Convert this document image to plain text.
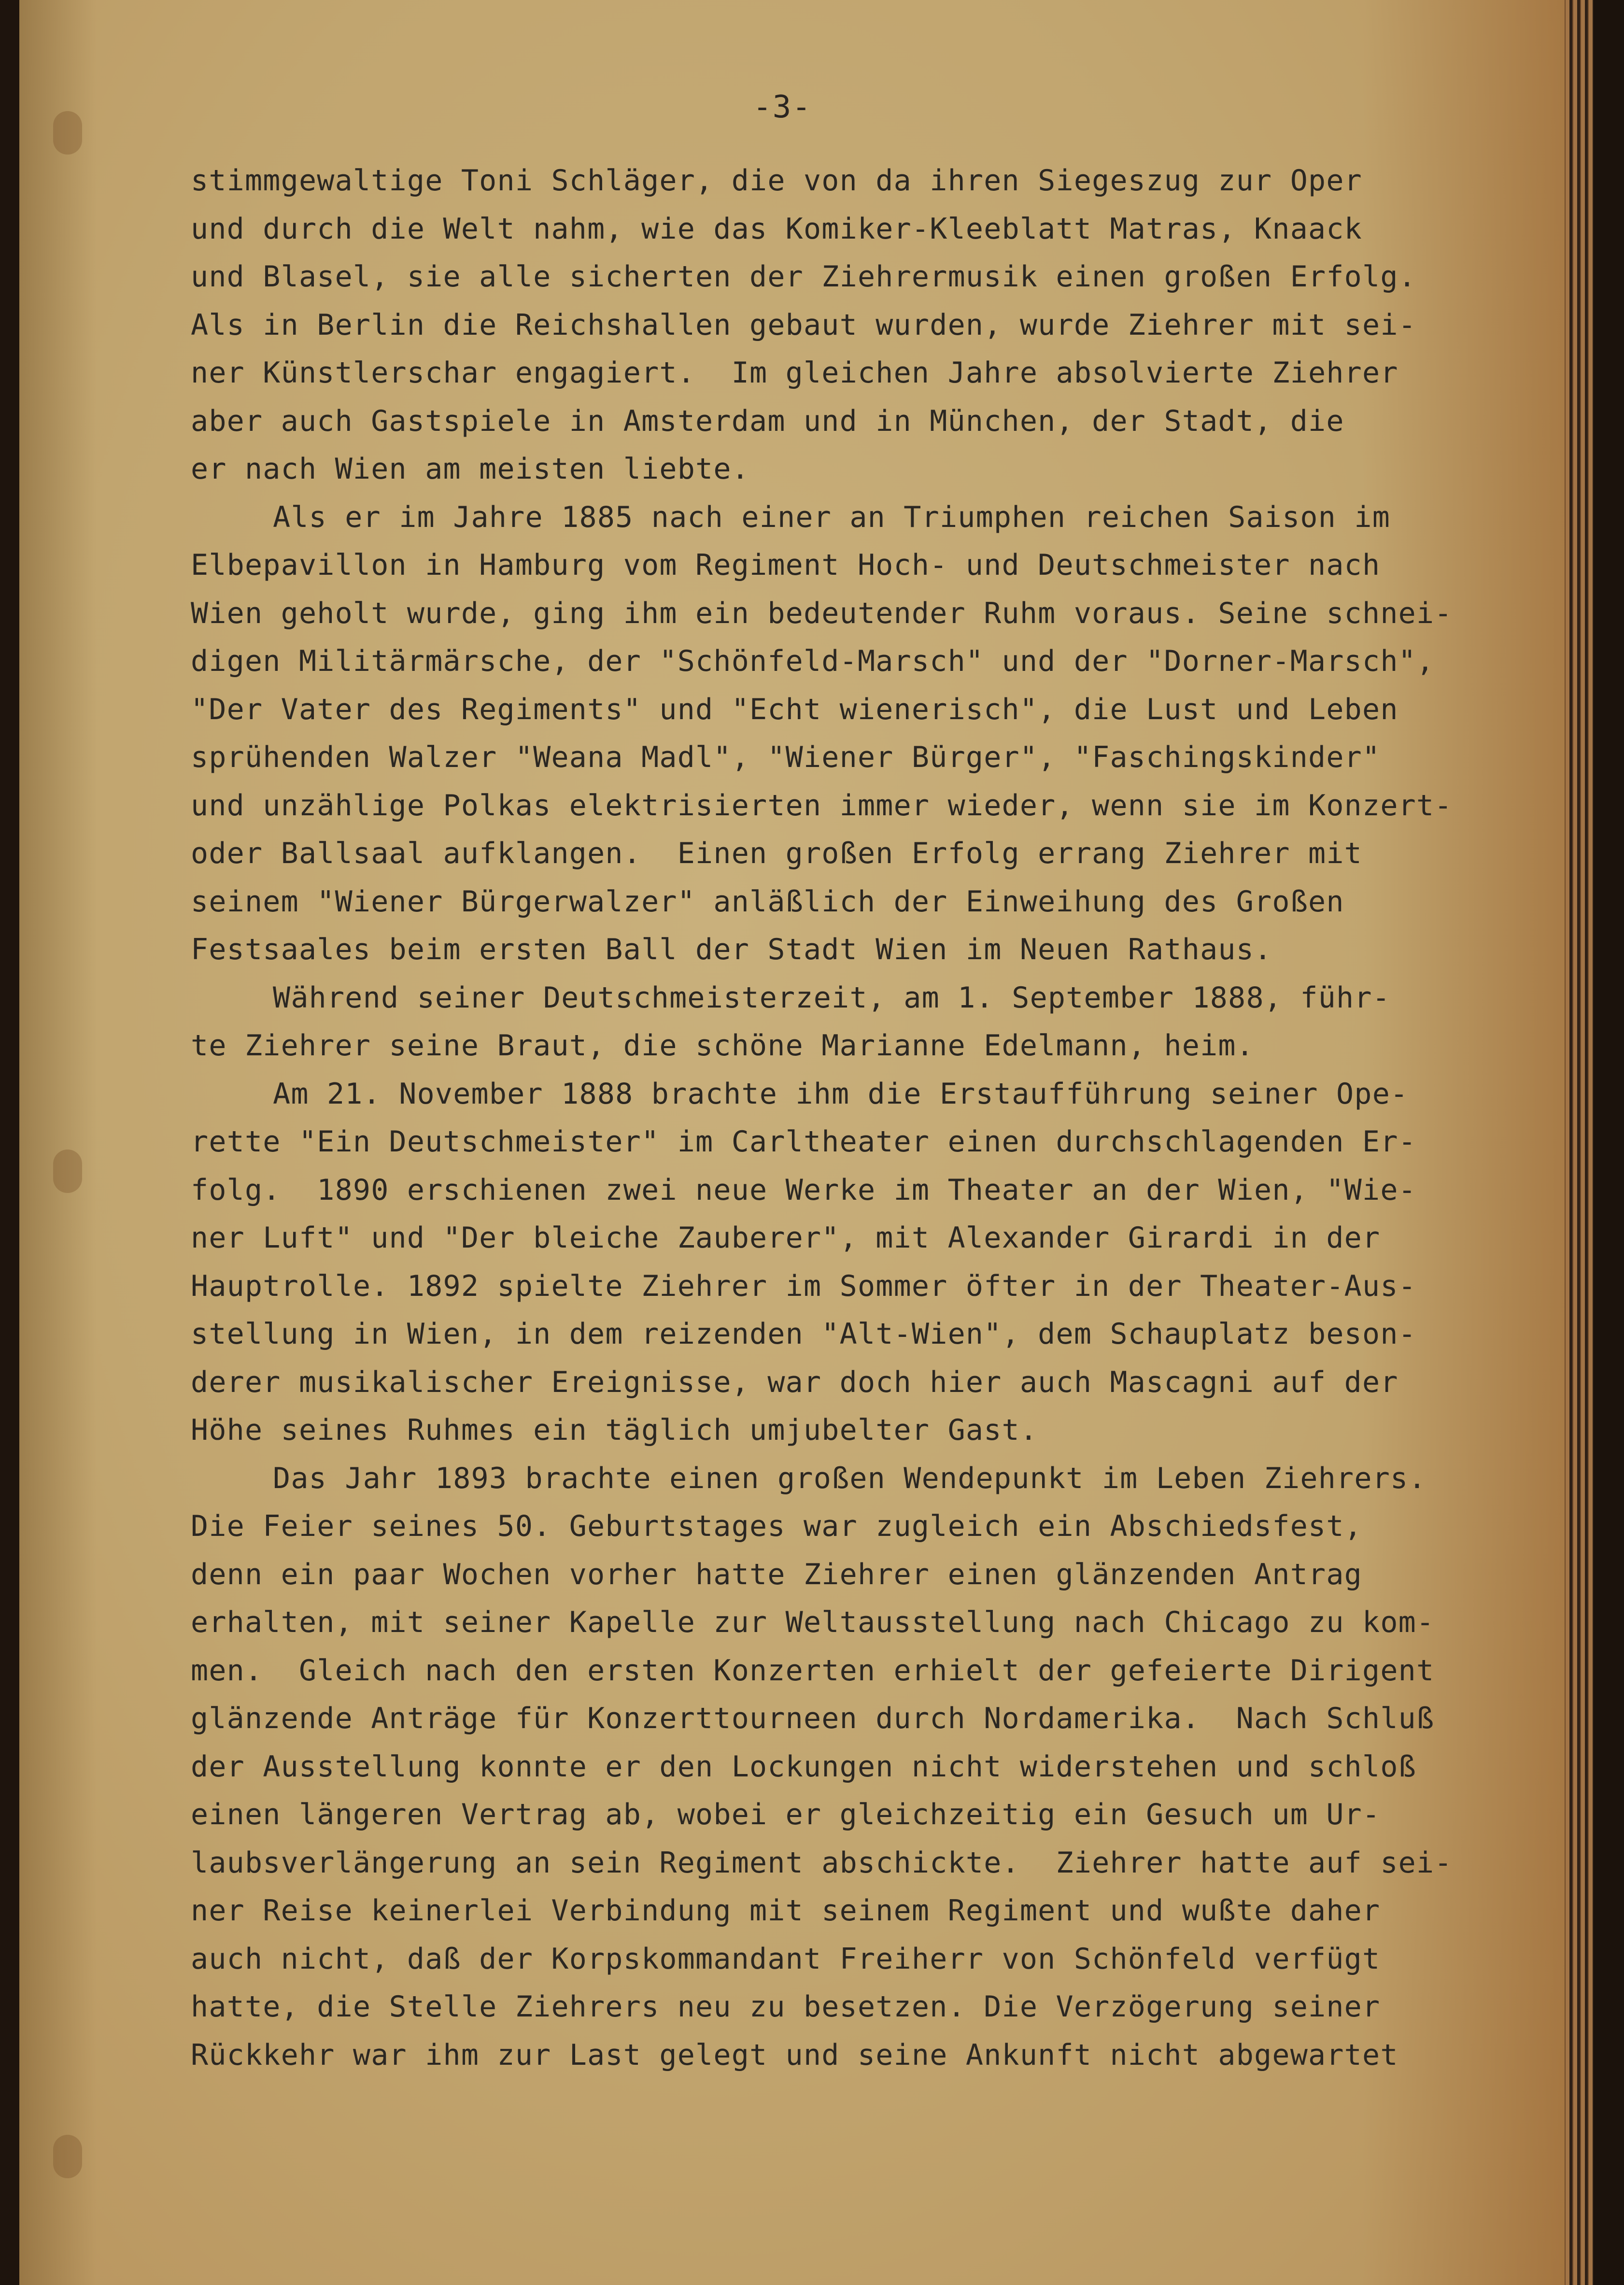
-3-
stimmgewaltige Toni Schläger, die von da ihren Siegeszug zur Oper
und durch die Welt nahm, wie das Komiker-Kleeblatt Matras, Knaack
und Blasel, sie alle sicherten der Ziehrermusik einen großen Erfolg.
Als in Berlin die Reichshallen gebaut wurden, wurde Ziehrer mit sei-
ner Künstlerschar engagiert.  Im gleichen Jahre absolvierte Ziehrer
aber auch Gastspiele in Amsterdam und in München, der Stadt, die
er nach Wien am meisten liebte.
Als er im Jahre 1885 nach einer an Triumphen reichen Saison im
Elbepavillon in Hamburg vom Regiment Hoch- und Deutschmeister nach
Wien geholt wurde, ging ihm ein bedeutender Ruhm voraus. Seine schnei-
digen Militärmärsche, der "Schönfeld-Marsch" und der "Dorner-Marsch",
"Der Vater des Regiments" und "Echt wienerisch", die Lust und Leben
sprühenden Walzer "Weana Madl", "Wiener Bürger", "Faschingskinder"
und unzählige Polkas elektrisierten immer wieder, wenn sie im Konzert-
oder Ballsaal aufklangen.  Einen großen Erfolg errang Ziehrer mit
seinem "Wiener Bürgerwalzer" anläßlich der Einweihung des Großen
Festsaales beim ersten Ball der Stadt Wien im Neuen Rathaus.
Während seiner Deutschmeisterzeit, am 1. September 1888, führ-
te Ziehrer seine Braut, die schöne Marianne Edelmann, heim.
Am 21. November 1888 brachte ihm die Erstaufführung seiner Ope-
rette "Ein Deutschmeister" im Carltheater einen durchschlagenden Er-
folg.  1890 erschienen zwei neue Werke im Theater an der Wien, "Wie-
ner Luft" und "Der bleiche Zauberer", mit Alexander Girardi in der
Hauptrolle. 1892 spielte Ziehrer im Sommer öfter in der Theater-Aus-
stellung in Wien, in dem reizenden "Alt-Wien", dem Schauplatz beson-
derer musikalischer Ereignisse, war doch hier auch Mascagni auf der
Höhe seines Ruhmes ein täglich umjubelter Gast.
Das Jahr 1893 brachte einen großen Wendepunkt im Leben Ziehrers.
Die Feier seines 50. Geburtstages war zugleich ein Abschiedsfest,
denn ein paar Wochen vorher hatte Ziehrer einen glänzenden Antrag
erhalten, mit seiner Kapelle zur Weltausstellung nach Chicago zu kom-
men.  Gleich nach den ersten Konzerten erhielt der gefeierte Dirigent
glänzende Anträge für Konzerttourneen durch Nordamerika.  Nach Schluß
der Ausstellung konnte er den Lockungen nicht widerstehen und schloß
einen längeren Vertrag ab, wobei er gleichzeitig ein Gesuch um Ur-
laubsverlängerung an sein Regiment abschickte.  Ziehrer hatte auf sei-
ner Reise keinerlei Verbindung mit seinem Regiment und wußte daher
auch nicht, daß der Korpskommandant Freiherr von Schönfeld verfügt
hatte, die Stelle Ziehrers neu zu besetzen. Die Verzögerung seiner
Rückkehr war ihm zur Last gelegt und seine Ankunft nicht abgewartet
